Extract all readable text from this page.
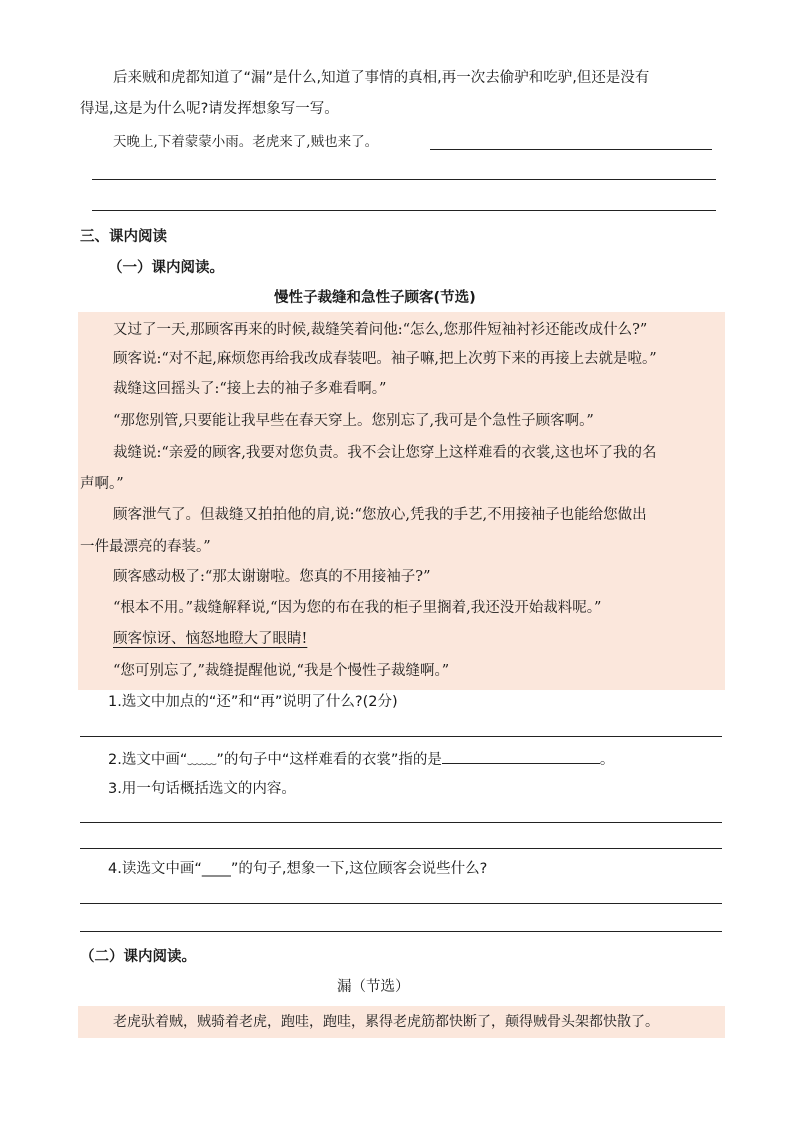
后来贼和虎都知道了“漏”是什么,知道了事情的真相,再一次去偷驴和吃驴,但还是没有
得逞,这是为什么呢?请发挥想象写一写。
天晚上,下着蒙蒙小雨。老虎来了,贼也来了。
三、课内阅读
（一）课内阅读。
慢性子裁缝和急性子顾客(节选)
又过了一天,那顾客再来的时候,裁缝笑着问他:“怎么,您那件短袖衬衫还能改成什么?”
顾客说:“对不起,麻烦您再给我改成春装吧。袖子嘛,把上次剪下来的再接上去就是啦。”
裁缝这回摇头了:“接上去的袖子多难看啊。”
“那您别管,只要能让我早些在春天穿上。您别忘了,我可是个急性子顾客啊。”
裁缝说:“亲爱的顾客,我要对您负责。我不会让您穿上这样难看的衣裳,这也坏了我的名
声啊。”
顾客泄气了。但裁缝又拍拍他的肩,说:“您放心,凭我的手艺,不用接袖子也能给您做出
一件最漂亮的春装。”
顾客感动极了:“那太谢谢啦。您真的不用接袖子?”
“根本不用。”裁缝解释说,“因为您的布在我的柜子里搁着,我还没开始裁料呢。”
顾客惊讶、恼怒地瞪大了眼睛!
“您可别忘了,”裁缝提醒他说,“我是个慢性子裁缝啊。”
1.选文中加点的“还”和“再”说明了什么?(2分)
2.选文中画“﹏﹏”的句子中“这样难看的衣裳”指的是	。
3.用一句话概括选文的内容。
4.读选文中画“____”的句子,想象一下,这位顾客会说些什么?
（二）课内阅读。
漏（节选）
老虎驮着贼，贼骑着老虎，跑哇，跑哇，累得老虎筋都快断了，颠得贼骨头架都快散了。
